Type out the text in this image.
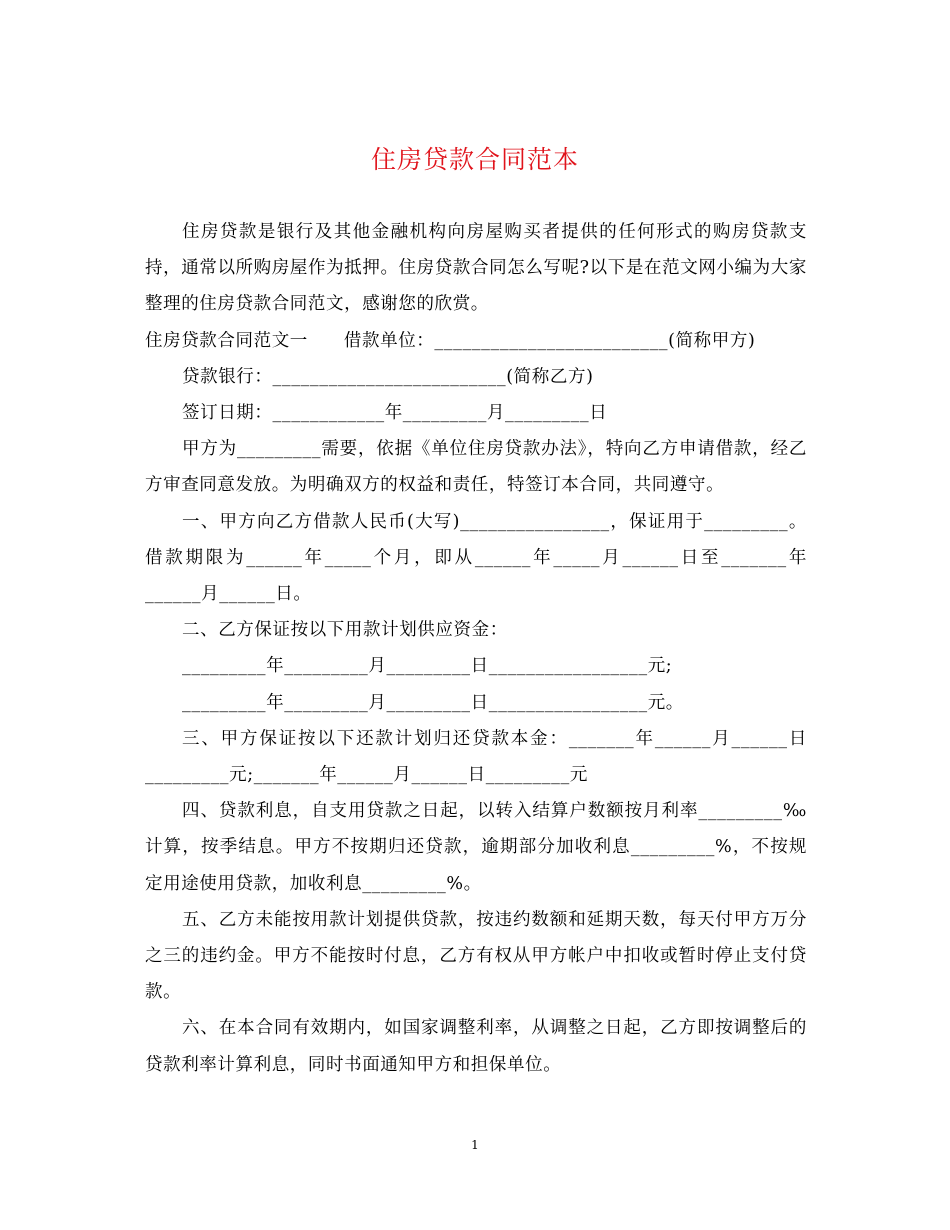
住房贷款合同范本

住房贷款是银行及其他金融机构向房屋购买者提供的任何形式的购房贷款支持，通常以所购房屋作为抵押。住房贷款合同怎么写呢?以下是在范文网小编为大家整理的住房贷款合同范文，感谢您的欣赏。

住房贷款合同范文一 借款单位：_________________________(简称甲方)

贷款银行：_________________________(简称乙方)

签订日期：____________年_________月_________日

甲方为_________需要，依据《单位住房贷款办法》，特向乙方申请借款，经乙方审查同意发放。为明确双方的权益和责任，特签订本合同，共同遵守。

一、甲方向乙方借款人民币(大写)________________，保证用于_________。借款期限为______年_____个月，即从______年_____月______日至_______年______月______日。

二、乙方保证按以下用款计划供应资金：

_________年_________月_________日_________________元;

_________年_________月_________日_________________元。

三、甲方保证按以下还款计划归还贷款本金：_______年______月______日_________元;_______年______月______日_________元

四、贷款利息，自支用贷款之日起，以转入结算户数额按月利率_________‰计算，按季结息。甲方不按期归还贷款，逾期部分加收利息_________%，不按规定用途使用贷款，加收利息_________%。

五、乙方未能按用款计划提供贷款，按违约数额和延期天数，每天付甲方万分之三的违约金。甲方不能按时付息，乙方有权从甲方帐户中扣收或暂时停止支付贷款。

六、在本合同有效期内，如国家调整利率，从调整之日起，乙方即按调整后的贷款利率计算利息，同时书面通知甲方和担保单位。

1
